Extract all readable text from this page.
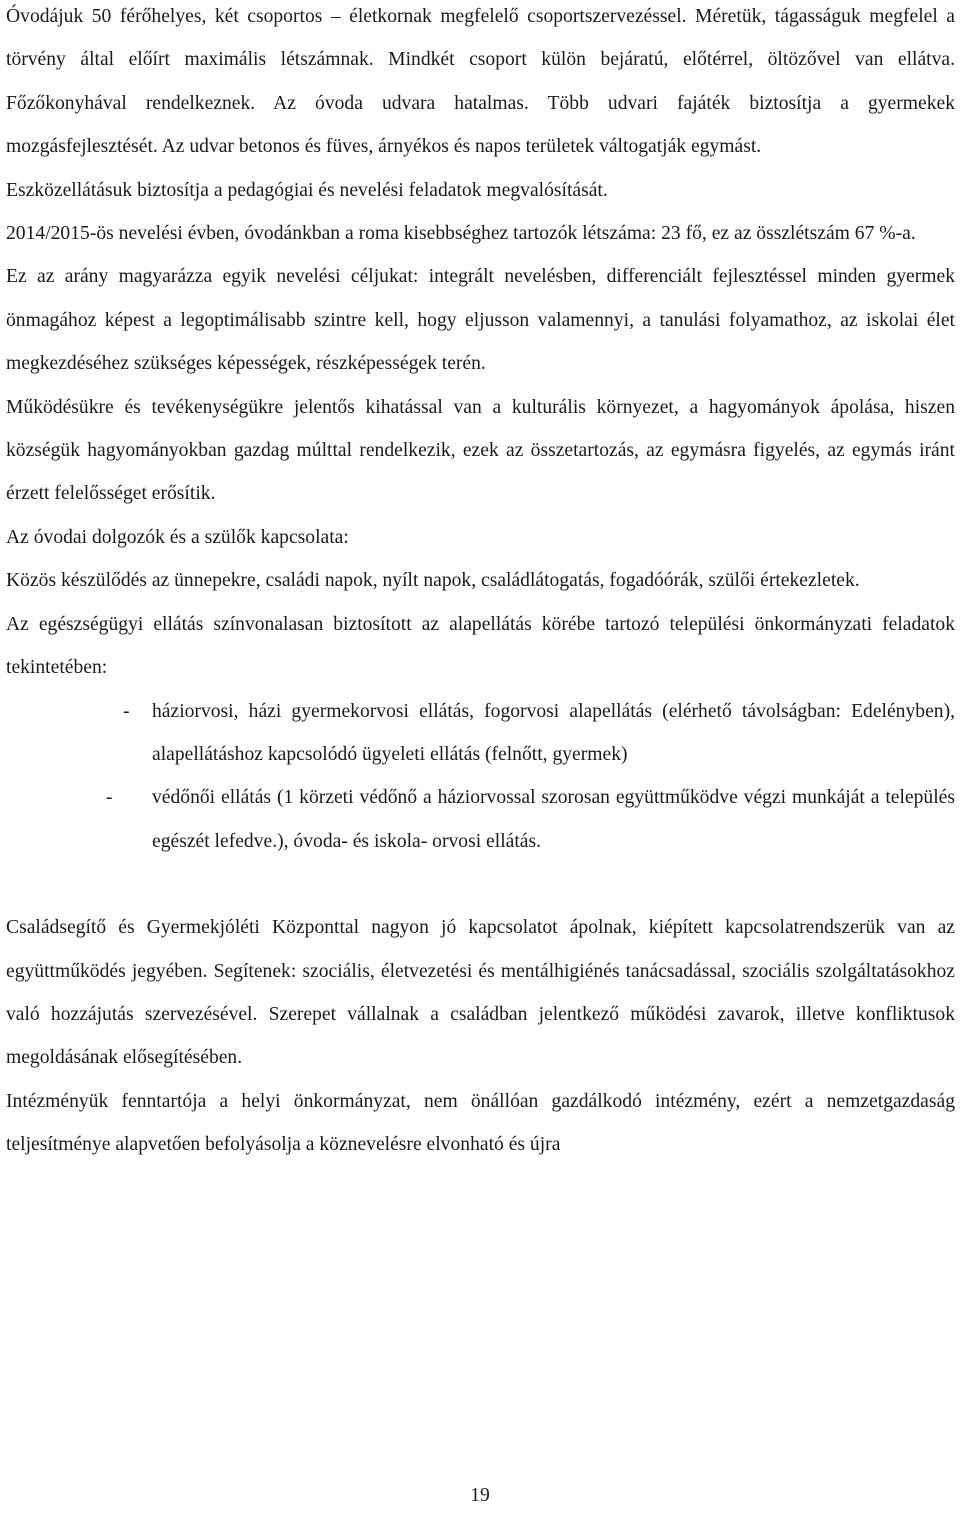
Óvodájuk 50 férőhelyes, két csoportos – életkornak megfelelő csoportszervezéssel. Méretük, tágasságuk megfelel a törvény által előírt maximális létszámnak. Mindkét csoport külön bejáratú, előtérrel, öltözővel van ellátva. Főzőkonyhával rendelkeznek. Az óvoda udvara hatalmas. Több udvari fajáték biztosítja a gyermekek mozgásfejlesztését. Az udvar betonos és füves, árnyékos és napos területek váltogatják egymást.

Eszközellátásuk biztosítja a pedagógiai és nevelési feladatok megvalósítását.

2014/2015-ös nevelési évben, óvodánkban a roma kisebbséghez tartozók létszáma: 23 fő, ez az összlétszám 67 %-a.

Ez az arány magyarázza egyik nevelési céljukat: integrált nevelésben, differenciált fejlesztéssel minden gyermek önmagához képest a legoptimálisabb szintre kell, hogy eljusson valamennyi, a tanulási folyamathoz, az iskolai élet megkezdéséhez szükséges képességek, részképességek terén.

Működésükre és tevékenységükre jelentős kihatással van a kulturális környezet, a hagyományok ápolása, hiszen községük hagyományokban gazdag múlttal rendelkezik, ezek az összetartozás, az egymásra figyelés, az egymás iránt érzett felelősséget erősítik.

Az óvodai dolgozók és a szülők kapcsolata:

Közös készülődés az ünnepekre, családi napok, nyílt napok, családlátogatás, fogadóórák, szülői értekezletek.

Az egészségügyi ellátás színvonalasan biztosított az alapellátás körébe tartozó települési önkormányzati feladatok tekintetében:

- háziorvosi, házi gyermekorvosi ellátás, fogorvosi alapellátás (elérhető távolságban: Edelényben), alapellátáshoz kapcsolódó ügyeleti ellátás (felnőtt, gyermek)
- védőnői ellátás (1 körzeti védőnő a háziorvossal szorosan együttműködve végzi munkáját a település egészét lefedve.), óvoda- és iskola- orvosi ellátás.

Családsegítő és Gyermekjóléti Központtal nagyon jó kapcsolatot ápolnak, kiépített kapcsolatrendszerük van az együttműködés jegyében. Segítenek: szociális, életvezetési és mentálhigiénés tanácsadással, szociális szolgáltatásokhoz való hozzájutás szervezésével. Szerepet vállalnak a családban jelentkező működési zavarok, illetve konfliktusok megoldásának elősegítésében.

Intézményük fenntartója a helyi önkormányzat, nem önállóan gazdálkodó intézmény, ezért a nemzetgazdaság teljesítménye alapvetően befolyásolja a köznevelésre elvonható és újra

19
